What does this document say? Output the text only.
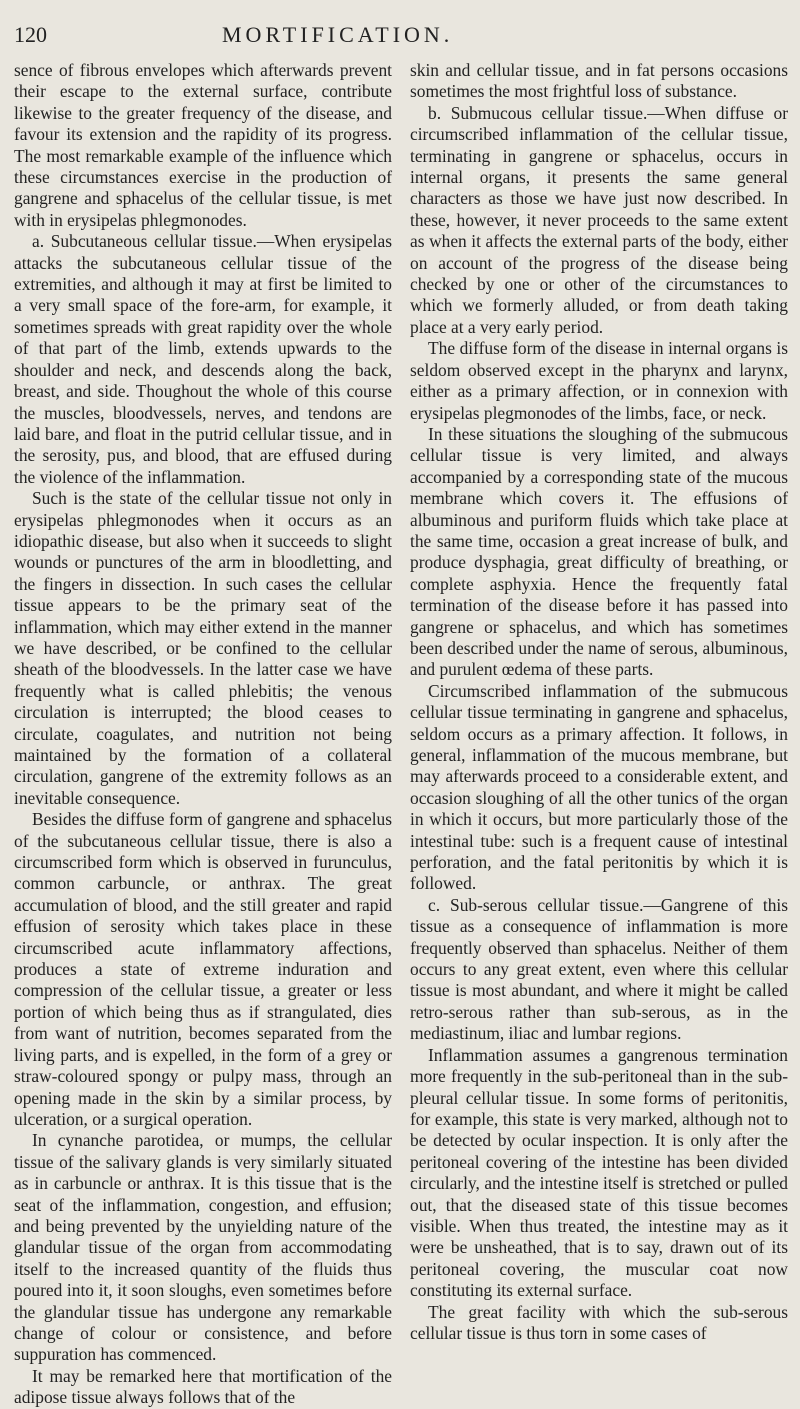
120	MORTIFICATION.

sence of fibrous envelopes which afterwards prevent their escape to the external surface, contribute likewise to the greater frequency of the disease, and favour its extension and the rapidity of its progress. The most remarkable example of the influence which these circumstances exercise in the production of gangrene and sphacelus of the cellular tissue, is met with in erysipelas phlegmonodes.

a. Subcutaneous cellular tissue.—When erysipelas attacks the subcutaneous cellular tissue of the extremities, and although it may at first be limited to a very small space of the fore-arm, for example, it sometimes spreads with great rapidity over the whole of that part of the limb, extends upwards to the shoulder and neck, and descends along the back, breast, and side. Thoughout the whole of this course the muscles, bloodvessels, nerves, and tendons are laid bare, and float in the putrid cellular tissue, and in the serosity, pus, and blood, that are effused during the violence of the inflammation.

Such is the state of the cellular tissue not only in erysipelas phlegmonodes when it occurs as an idiopathic disease, but also when it succeeds to slight wounds or punctures of the arm in bloodletting, and the fingers in dissection. In such cases the cellular tissue appears to be the primary seat of the inflammation, which may either extend in the manner we have described, or be confined to the cellular sheath of the bloodvessels. In the latter case we have frequently what is called phlebitis; the venous circulation is interrupted; the blood ceases to circulate, coagulates, and nutrition not being maintained by the formation of a collateral circulation, gangrene of the extremity follows as an inevitable consequence.

Besides the diffuse form of gangrene and sphacelus of the subcutaneous cellular tissue, there is also a circumscribed form which is observed in furunculus, common carbuncle, or anthrax. The great accumulation of blood, and the still greater and rapid effusion of serosity which takes place in these circumscribed acute inflammatory affections, produces a state of extreme induration and compression of the cellular tissue, a greater or less portion of which being thus as if strangulated, dies from want of nutrition, becomes separated from the living parts, and is expelled, in the form of a grey or straw-coloured spongy or pulpy mass, through an opening made in the skin by a similar process, by ulceration, or a surgical operation.

In cynanche parotidea, or mumps, the cellular tissue of the salivary glands is very similarly situated as in carbuncle or anthrax. It is this tissue that is the seat of the inflammation, congestion, and effusion; and being prevented by the unyielding nature of the glandular tissue of the organ from accommodating itself to the increased quantity of the fluids thus poured into it, it soon sloughs, even sometimes before the glandular tissue has undergone any remarkable change of colour or consistence, and before suppuration has commenced.

It may be remarked here that mortification of the adipose tissue always follows that of the

skin and cellular tissue, and in fat persons occasions sometimes the most frightful loss of substance.

b. Submucous cellular tissue.—When diffuse or circumscribed inflammation of the cellular tissue, terminating in gangrene or sphacelus, occurs in internal organs, it presents the same general characters as those we have just now described. In these, however, it never proceeds to the same extent as when it affects the external parts of the body, either on account of the progress of the disease being checked by one or other of the circumstances to which we formerly alluded, or from death taking place at a very early period.

The diffuse form of the disease in internal organs is seldom observed except in the pharynx and larynx, either as a primary affection, or in connexion with erysipelas plegmonodes of the limbs, face, or neck.

In these situations the sloughing of the submucous cellular tissue is very limited, and always accompanied by a corresponding state of the mucous membrane which covers it. The effusions of albuminous and puriform fluids which take place at the same time, occasion a great increase of bulk, and produce dysphagia, great difficulty of breathing, or complete asphyxia. Hence the frequently fatal termination of the disease before it has passed into gangrene or sphacelus, and which has sometimes been described under the name of serous, albuminous, and purulent œdema of these parts.

Circumscribed inflammation of the submucous cellular tissue terminating in gangrene and sphacelus, seldom occurs as a primary affection. It follows, in general, inflammation of the mucous membrane, but may afterwards proceed to a considerable extent, and occasion sloughing of all the other tunics of the organ in which it occurs, but more particularly those of the intestinal tube: such is a frequent cause of intestinal perforation, and the fatal peritonitis by which it is followed.

c. Sub-serous cellular tissue.—Gangrene of this tissue as a consequence of inflammation is more frequently observed than sphacelus. Neither of them occurs to any great extent, even where this cellular tissue is most abundant, and where it might be called retro-serous rather than sub-serous, as in the mediastinum, iliac and lumbar regions.

Inflammation assumes a gangrenous termination more frequently in the sub-peritoneal than in the sub-pleural cellular tissue. In some forms of peritonitis, for example, this state is very marked, although not to be detected by ocular inspection. It is only after the peritoneal covering of the intestine has been divided circularly, and the intestine itself is stretched or pulled out, that the diseased state of this tissue becomes visible. When thus treated, the intestine may as it were be unsheathed, that is to say, drawn out of its peritoneal covering, the muscular coat now constituting its external surface.

The great facility with which the sub-serous cellular tissue is thus torn in some cases of
